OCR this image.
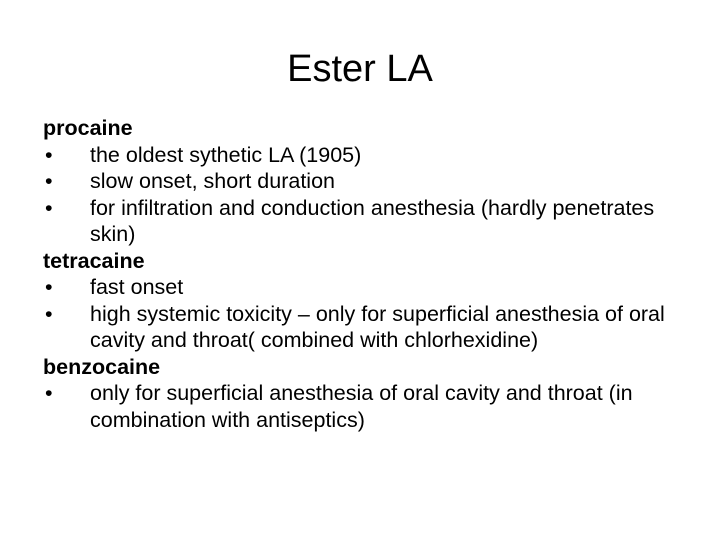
Ester LA

procaine

•	the oldest sythetic LA (1905)
•	slow onset, short duration
•	for infiltration and conduction anesthesia (hardly penetrates skin)

tetracaine

•	fast onset
•	high systemic toxicity – only for superficial anesthesia of oral cavity and throat( combined with chlorhexidine)

benzocaine

•	only for superficial anesthesia of oral cavity and throat (in combination with antiseptics)
